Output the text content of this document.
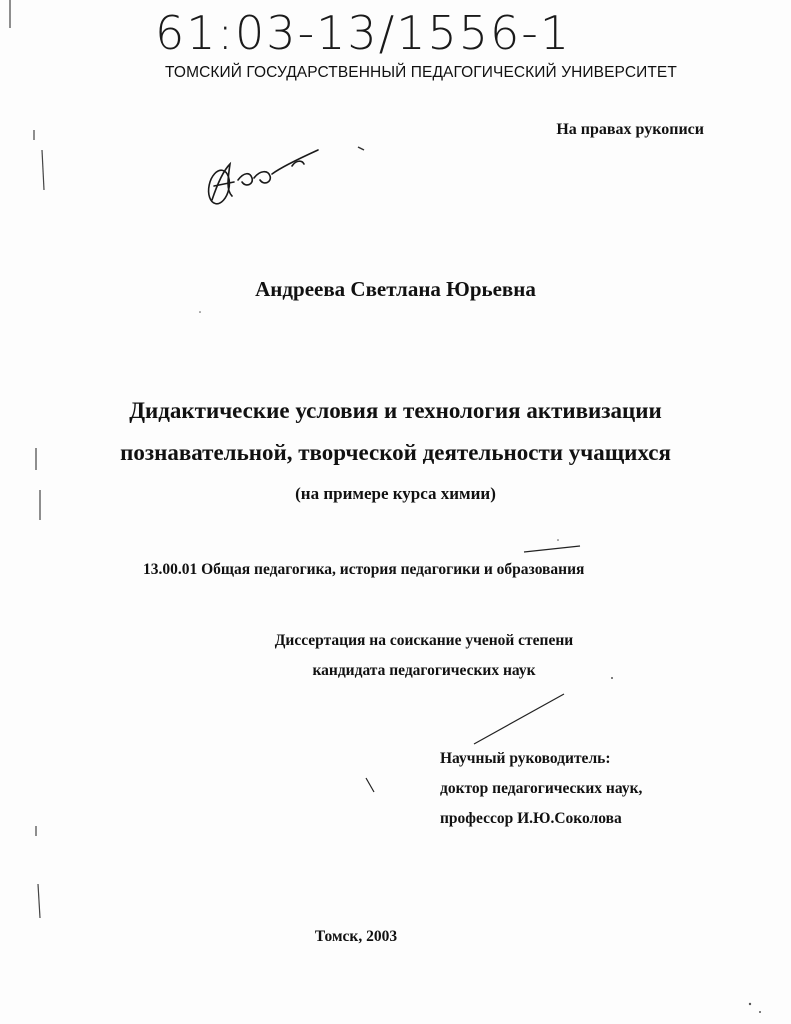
61:03-13/1556-1
ТОМСКИЙ ГОСУДАРСТВЕННЫЙ ПЕДАГОГИЧЕСКИЙ УНИВЕРСИТЕТ
На правах рукописи
Андреева Светлана Юрьевна
Дидактические условия и технология активизации
познавательной, творческой деятельности учащихся
(на примере курса химии)
13.00.01 Общая педагогика, история педагогики и образования
Диссертация на соискание ученой степени
кандидата педагогических наук
Научный руководитель:
доктор педагогических наук,
профессор И.Ю.Соколова
Томск, 2003
